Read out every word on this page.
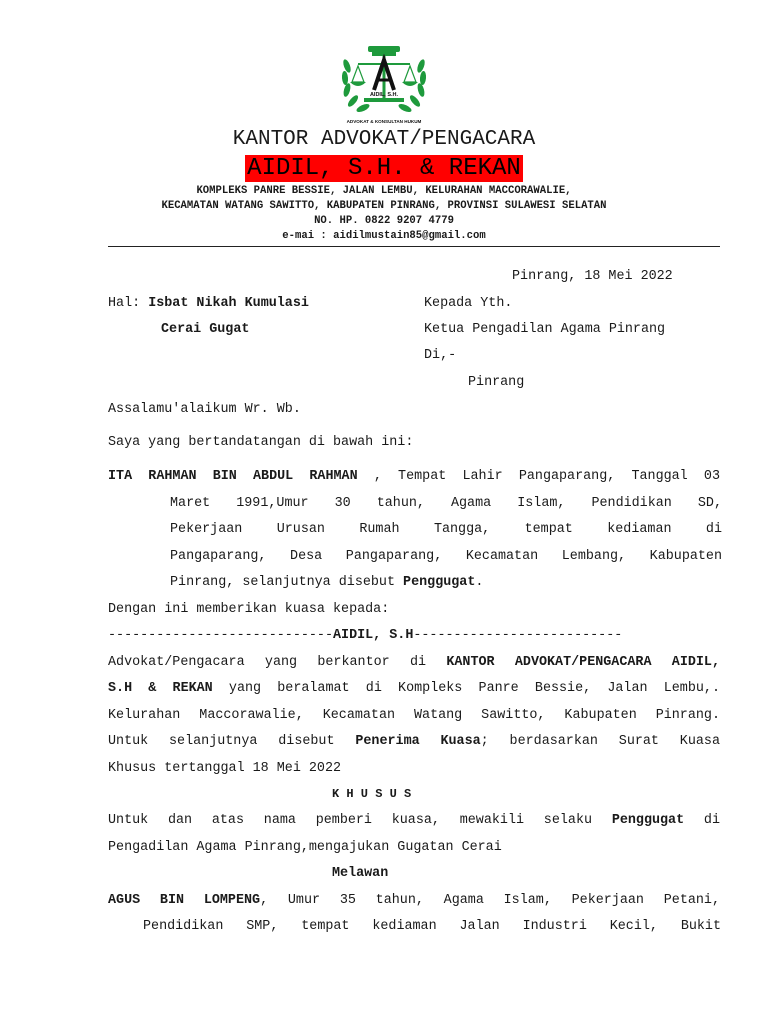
AIDIL, S.H.
ADVOKAT & KONSULTAN HUKUM
KANTOR ADVOKAT/PENGACARA
AIDIL, S.H. & REKAN
KOMPLEKS PANRE BESSIE, JALAN LEMBU, KELURAHAN MACCORAWALIE,
KECAMATAN WATANG SAWITTO, KABUPATEN PINRANG, PROVINSI SULAWESI SELATAN
NO. HP. 0822 9207 4779
e-mai : aidilmustain85@gmail.com
Pinrang, 18 Mei 2022
Hal: Isbat Nikah Kumulasi
Cerai Gugat
Kepada Yth.
Ketua Pengadilan Agama Pinrang
Di,-
Pinrang
Assalamu'alaikum Wr. Wb.
Saya yang bertandatangan di bawah ini:
ITA RAHMAN BIN ABDUL RAHMAN , Tempat Lahir Pangaparang, Tanggal 03
Maret 1991,Umur 30 tahun, Agama Islam, Pendidikan SD,
Pekerjaan Urusan Rumah Tangga, tempat kediaman di
Pangaparang, Desa Pangaparang, Kecamatan Lembang, Kabupaten
Pinrang, selanjutnya disebut Penggugat.
Dengan ini memberikan kuasa kepada:
----------------------------AIDIL, S.H--------------------------
Advokat/Pengacara yang berkantor di KANTOR ADVOKAT/PENGACARA AIDIL,
S.H & REKAN yang beralamat di Kompleks Panre Bessie, Jalan Lembu,.
Kelurahan Maccorawalie, Kecamatan Watang Sawitto, Kabupaten Pinrang.
Untuk selanjutnya disebut Penerima Kuasa; berdasarkan Surat Kuasa
Khusus tertanggal 18 Mei 2022
K H U S U S
Untuk dan atas nama pemberi kuasa, mewakili selaku Penggugat di
Pengadilan Agama Pinrang,mengajukan Gugatan Cerai
Melawan
AGUS BIN LOMPENG, Umur 35 tahun, Agama Islam, Pekerjaan Petani,
Pendidikan SMP, tempat kediaman Jalan Industri Kecil, Bukit
